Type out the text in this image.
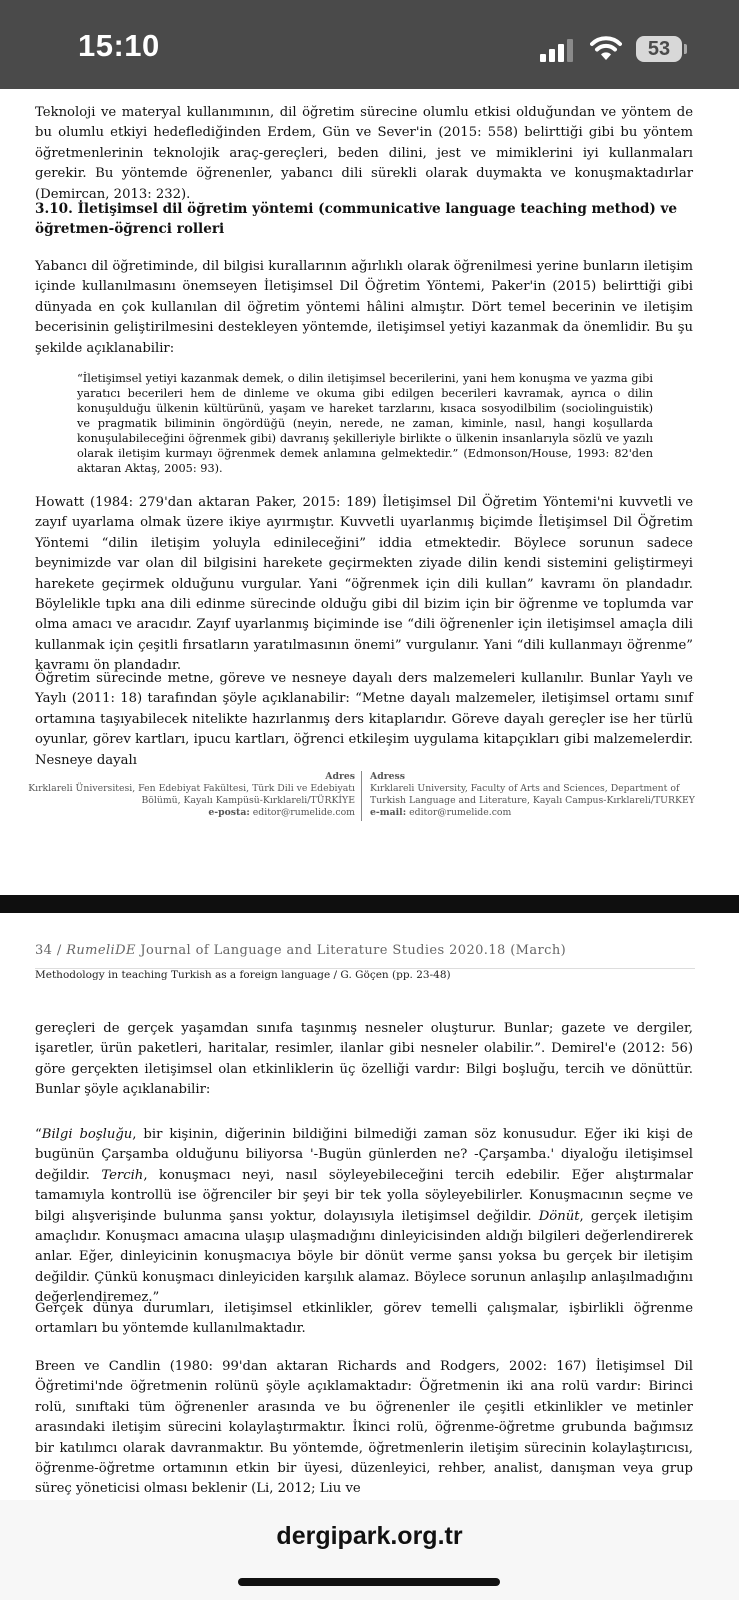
15:10	53

Teknoloji ve materyal kullanımının, dil öğretim sürecine olumlu etkisi olduğundan ve yöntem de bu olumlu etkiyi hedeflediğinden Erdem, Gün ve Sever'in (2015: 558) belirttiği gibi bu yöntem öğretmenlerinin teknolojik araç-gereçleri, beden dilini, jest ve mimiklerini iyi kullanmaları gerekir. Bu yöntemde öğrenenler, yabancı dili sürekli olarak duymakta ve konuşmaktadırlar (Demircan, 2013: 232).

3.10. İletişimsel dil öğretim yöntemi (communicative language teaching method) ve öğretmen-öğrenci rolleri

Yabancı dil öğretiminde, dil bilgisi kurallarının ağırlıklı olarak öğrenilmesi yerine bunların iletişim içinde kullanılmasını önemseyen İletişimsel Dil Öğretim Yöntemi, Paker'in (2015) belirttiği gibi dünyada en çok kullanılan dil öğretim yöntemi hâlini almıştır. Dört temel becerinin ve iletişim becerisinin geliştirilmesini destekleyen yöntemde, iletişimsel yetiyi kazanmak da önemlidir. Bu şu şekilde açıklanabilir:

“İletişimsel yetiyi kazanmak demek, o dilin iletişimsel becerilerini, yani hem konuşma ve yazma gibi yaratıcı becerileri hem de dinleme ve okuma gibi edilgen becerileri kavramak, ayrıca o dilin konuşulduğu ülkenin kültürünü, yaşam ve hareket tarzlarını, kısaca sosyodilbilim (sociolinguistik) ve pragmatik biliminin öngördüğü (neyin, nerede, ne zaman, kiminle, nasıl, hangi koşullarda konuşulabileceğini öğrenmek gibi) davranış şekilleriyle birlikte o ülkenin insanlarıyla sözlü ve yazılı olarak iletişim kurmayı öğrenmek demek anlamına gelmektedir.” (Edmonson/House, 1993: 82'den aktaran Aktaş, 2005: 93).

Howatt (1984: 279'dan aktaran Paker, 2015: 189) İletişimsel Dil Öğretim Yöntemi'ni kuvvetli ve zayıf uyarlama olmak üzere ikiye ayırmıştır. Kuvvetli uyarlanmış biçimde İletişimsel Dil Öğretim Yöntemi “dilin iletişim yoluyla edinileceğini” iddia etmektedir. Böylece sorunun sadece beynimizde var olan dil bilgisini harekete geçirmekten ziyade dilin kendi sistemini geliştirmeyi harekete geçirmek olduğunu vurgular. Yani “öğrenmek için dili kullan” kavramı ön plandadır. Böylelikle tıpkı ana dili edinme sürecinde olduğu gibi dil bizim için bir öğrenme ve toplumda var olma amacı ve aracıdır. Zayıf uyarlanmış biçiminde ise “dili öğrenenler için iletişimsel amaçla dili kullanmak için çeşitli fırsatların yaratılmasının önemi” vurgulanır. Yani “dili kullanmayı öğrenme” kavramı ön plandadır.

Öğretim sürecinde metne, göreve ve nesneye dayalı ders malzemeleri kullanılır. Bunlar Yaylı ve Yaylı (2011: 18) tarafından şöyle açıklanabilir: “Metne dayalı malzemeler, iletişimsel ortamı sınıf ortamına taşıyabilecek nitelikte hazırlanmış ders kitaplarıdır. Göreve dayalı gereçler ise her türlü oyunlar, görev kartları, ipucu kartları, öğrenci etkileşim uygulama kitapçıkları gibi malzemelerdir. Nesneye dayalı

Adres
Kırklareli Üniversitesi, Fen Edebiyat Fakültesi, Türk Dili ve Edebiyatı
Bölümü, Kayalı Kampüsü-Kırklareli/TÜRKİYE
e-posta: editor@rumelide.com
Adress
Kırklareli University, Faculty of Arts and Sciences, Department of
Turkish Language and Literature, Kayalı Campus-Kırklareli/TURKEY
e-mail: editor@rumelide.com
34 / RumeliDE Journal of Language and Literature Studies 2020.18 (March)
Methodology in teaching Turkish as a foreign language / G. Göçen (pp. 23-48)

gereçleri de gerçek yaşamdan sınıfa taşınmış nesneler oluşturur. Bunlar; gazete ve dergiler, işaretler, ürün paketleri, haritalar, resimler, ilanlar gibi nesneler olabilir.”. Demirel'e (2012: 56) göre gerçekten iletişimsel olan etkinliklerin üç özelliği vardır: Bilgi boşluğu, tercih ve dönüttür. Bunlar şöyle açıklanabilir:

“Bilgi boşluğu, bir kişinin, diğerinin bildiğini bilmediği zaman söz konusudur. Eğer iki kişi de bugünün Çarşamba olduğunu biliyorsa '-Bugün günlerden ne? -Çarşamba.' diyaloğu iletişimsel değildir. Tercih, konuşmacı neyi, nasıl söyleyebileceğini tercih edebilir. Eğer alıştırmalar tamamıyla kontrollü ise öğrenciler bir şeyi bir tek yolla söyleyebilirler. Konuşmacının seçme ve bilgi alışverişinde bulunma şansı yoktur, dolayısıyla iletişimsel değildir. Dönüt, gerçek iletişim amaçlıdır. Konuşmacı amacına ulaşıp ulaşmadığını dinleyicisinden aldığı bilgileri değerlendirerek anlar. Eğer, dinleyicinin konuşmacıya böyle bir dönüt verme şansı yoksa bu gerçek bir iletişim değildir. Çünkü konuşmacı dinleyiciden karşılık alamaz. Böylece sorunun anlaşılıp anlaşılmadığını değerlendiremez.”

Gerçek dünya durumları, iletişimsel etkinlikler, görev temelli çalışmalar, işbirlikli öğrenme ortamları bu yöntemde kullanılmaktadır.

Breen ve Candlin (1980: 99'dan aktaran Richards and Rodgers, 2002: 167) İletişimsel Dil Öğretimi'nde öğretmenin rolünü şöyle açıklamaktadır: Öğretmenin iki ana rolü vardır: Birinci rolü, sınıftaki tüm öğrenenler arasında ve bu öğrenenler ile çeşitli etkinlikler ve metinler arasındaki iletişim sürecini kolaylaştırmaktır. İkinci rolü, öğrenme-öğretme grubunda bağımsız bir katılımcı olarak davranmaktır. Bu yöntemde, öğretmenlerin iletişim sürecinin kolaylaştırıcısı, öğrenme-öğretme ortamının etkin bir üyesi, düzenleyici, rehber, analist, danışman veya grup süreç yöneticisi olması beklenir (Li, 2012; Liu ve

dergipark.org.tr
